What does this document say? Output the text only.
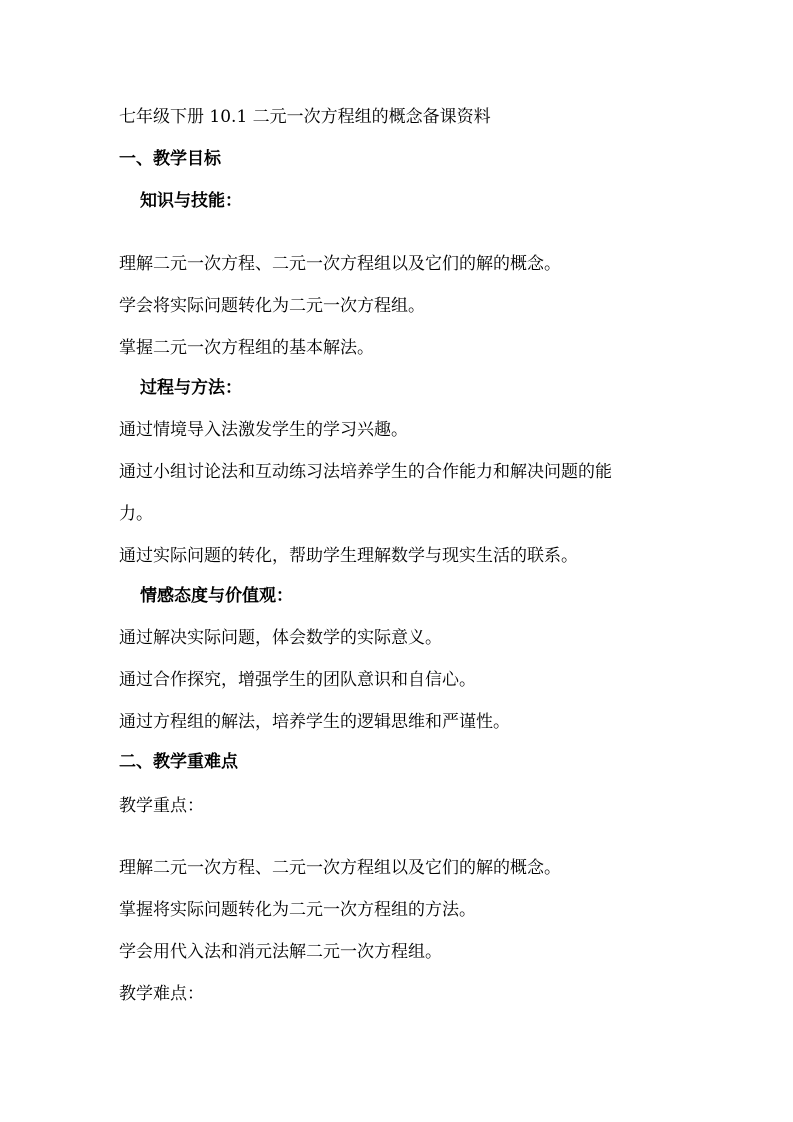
七年级下册 10.1 二元一次方程组的概念备课资料
一、教学目标
知识与技能：
理解二元一次方程、二元一次方程组以及它们的解的概念。
学会将实际问题转化为二元一次方程组。
掌握二元一次方程组的基本解法。
过程与方法：
通过情境导入法激发学生的学习兴趣。
通过小组讨论法和互动练习法培养学生的合作能力和解决问题的能
力。
通过实际问题的转化，帮助学生理解数学与现实生活的联系。
情感态度与价值观：
通过解决实际问题，体会数学的实际意义。
通过合作探究，增强学生的团队意识和自信心。
通过方程组的解法，培养学生的逻辑思维和严谨性。
二、教学重难点
教学重点：
理解二元一次方程、二元一次方程组以及它们的解的概念。
掌握将实际问题转化为二元一次方程组的方法。
学会用代入法和消元法解二元一次方程组。
教学难点：
